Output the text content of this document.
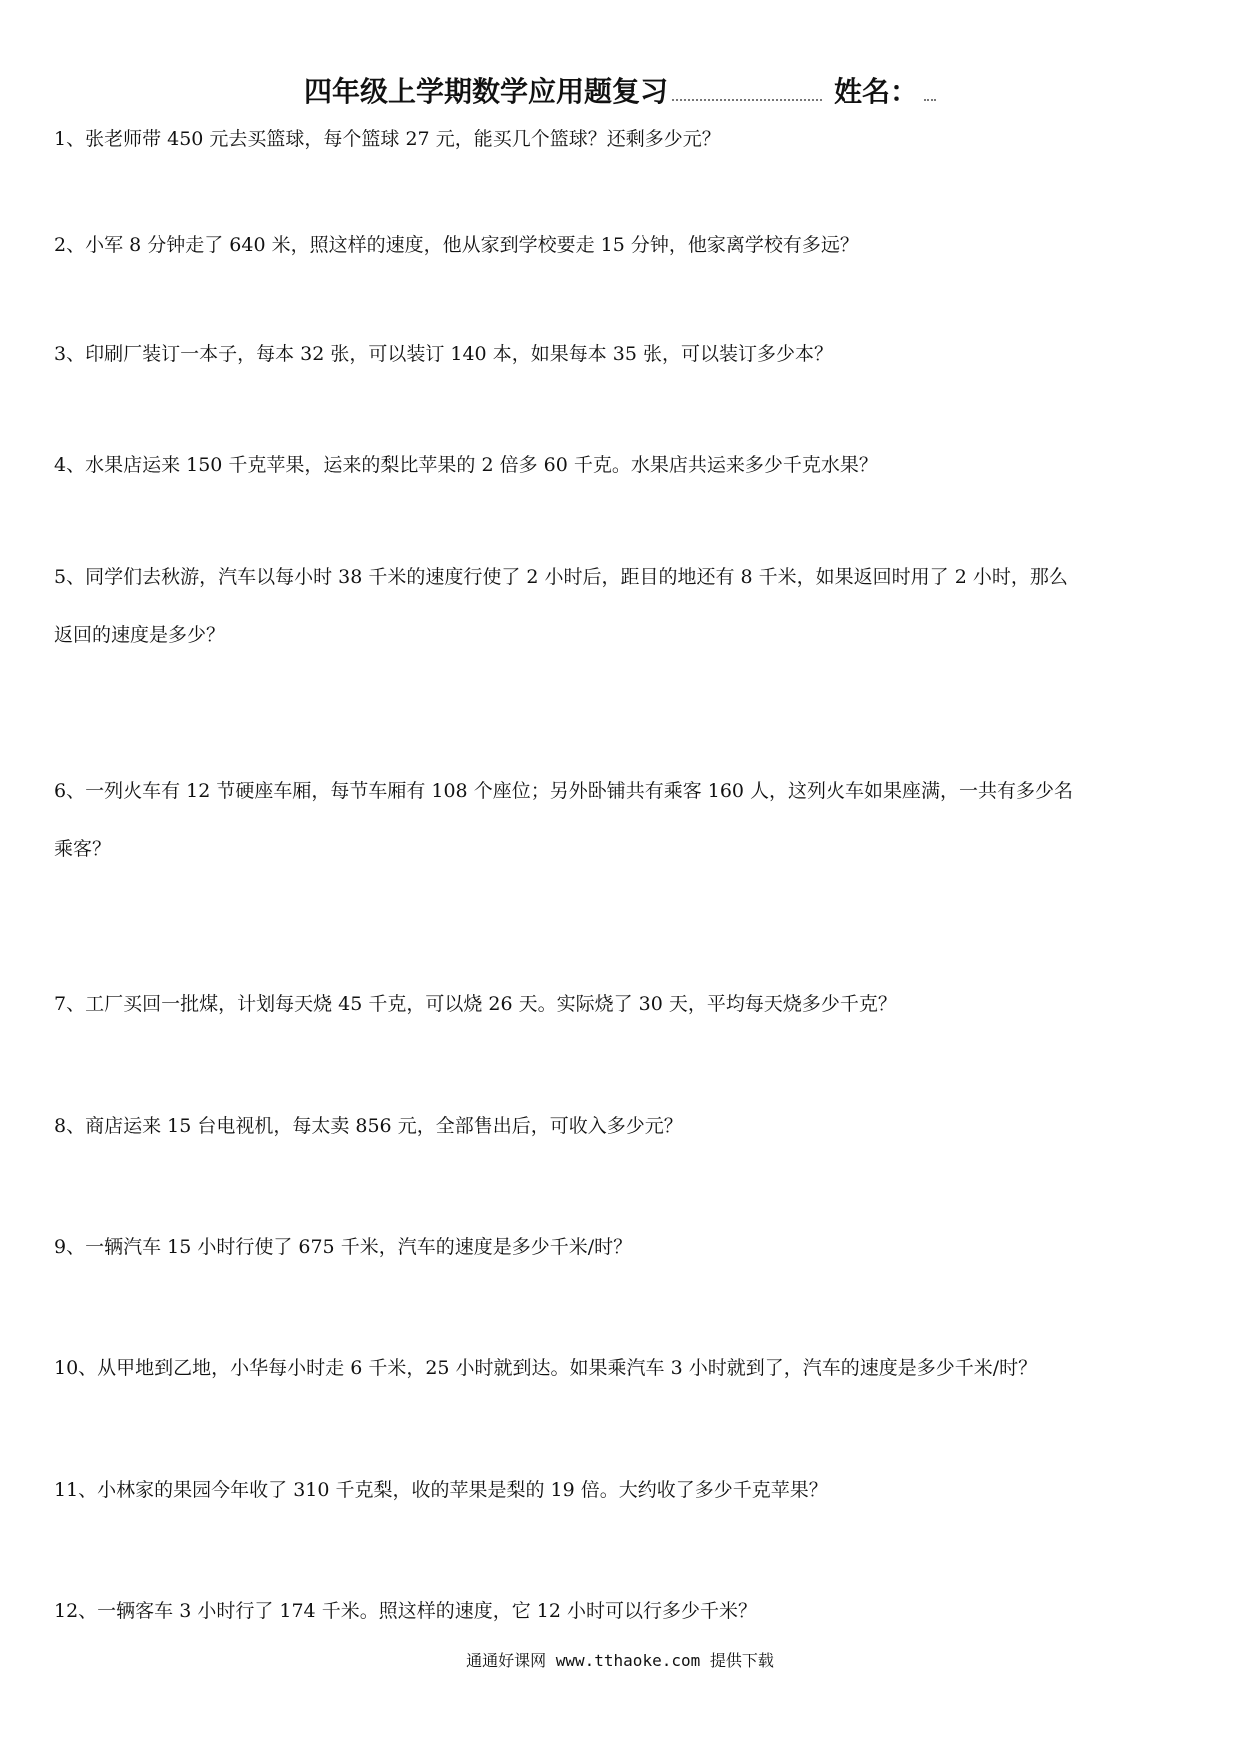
四年级上学期数学应用题复习	姓名：
1、张老师带 450 元去买篮球，每个篮球 27 元，能买几个篮球？还剩多少元？
2、小军 8 分钟走了 640 米，照这样的速度，他从家到学校要走 15 分钟，他家离学校有多远？
3、印刷厂装订一本子，每本 32 张，可以装订 140 本，如果每本 35 张，可以装订多少本？
4、水果店运来 150 千克苹果，运来的梨比苹果的 2 倍多 60 千克。水果店共运来多少千克水果？
5、同学们去秋游，汽车以每小时 38 千米的速度行使了 2 小时后，距目的地还有 8 千米，如果返回时用了 2 小时，那么
返回的速度是多少？
6、一列火车有 12 节硬座车厢，每节车厢有 108 个座位；另外卧铺共有乘客 160 人，这列火车如果座满，一共有多少名
乘客？
7、工厂买回一批煤，计划每天烧 45 千克，可以烧 26 天。实际烧了 30 天，平均每天烧多少千克？
8、商店运来 15 台电视机，每太卖 856 元，全部售出后，可收入多少元？
9、一辆汽车 15 小时行使了 675 千米，汽车的速度是多少千米/时？
10、从甲地到乙地，小华每小时走 6 千米，25 小时就到达。如果乘汽车 3 小时就到了，汽车的速度是多少千米/时？
11、小林家的果园今年收了 310 千克梨，收的苹果是梨的 19 倍。大约收了多少千克苹果？
12、一辆客车 3 小时行了 174 千米。照这样的速度，它 12 小时可以行多少千米？
通通好课网 www.tthaoke.com 提供下载
